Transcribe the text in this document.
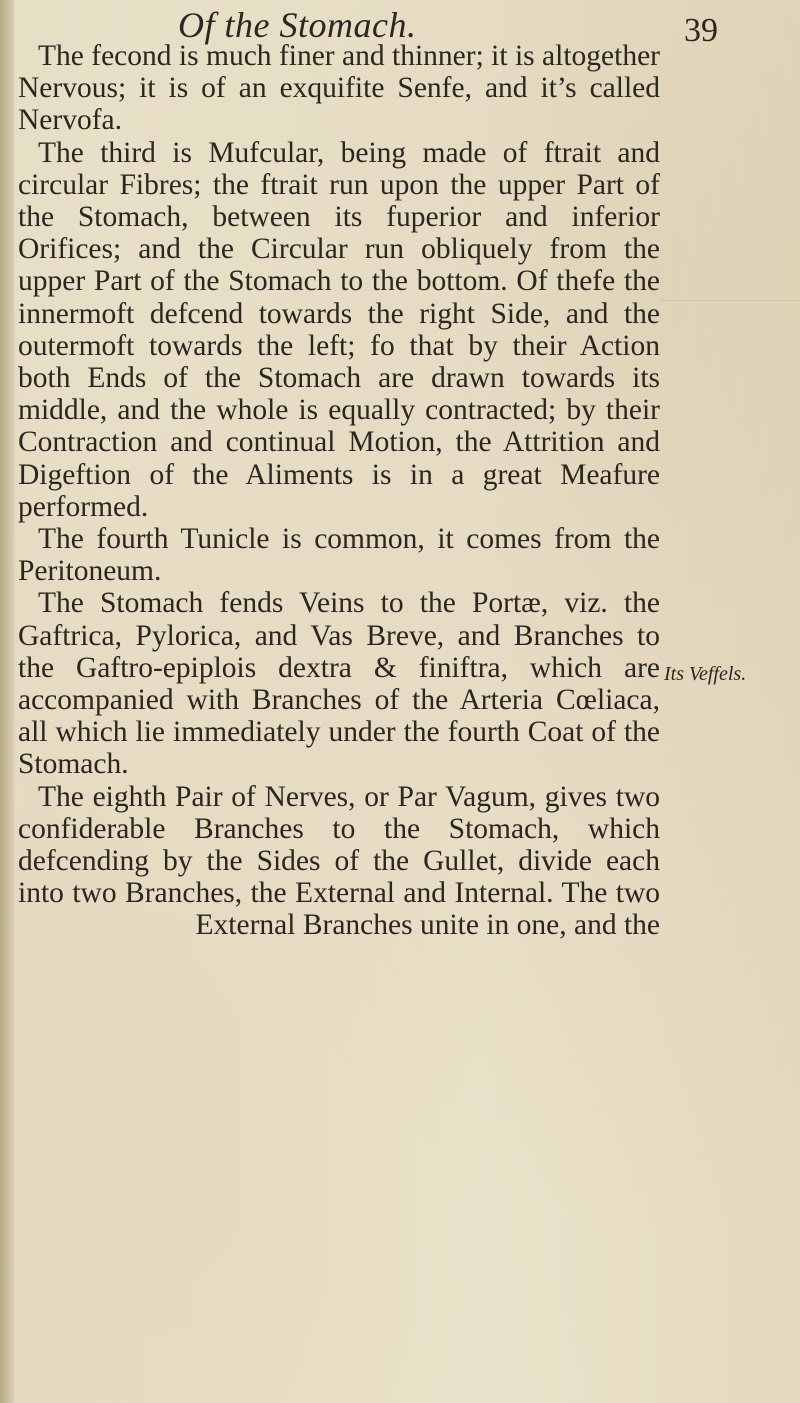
Of the Stomach.	39

The fecond is much finer and thinner; it is altogether Nervous; it is of an exquifite Senfe, and it’s called Nervofa.

The third is Mufcular, being made of ftrait and circular Fibres; the ftrait run upon the upper Part of the Stomach, between its fuperior and inferior Orifices; and the Circular run obliquely from the upper Part of the Stomach to the bottom. Of thefe the innermoft defcend towards the right Side, and the outermoft towards the left; fo that by their Action both Ends of the Stomach are drawn towards its middle, and the whole is equally contracted; by their Contraction and continual Motion, the Attrition and Digeftion of the Aliments is in a great Meafure performed.

The fourth Tunicle is common, it comes from the Peritoneum.

The Stomach fends Veins to the Portæ, viz. the Gaftrica, Pylorica, and Vas Breve, and Branches to the Gaftro-epiplois dextra & finiftra, which are accompanied with Branches of the Arteria Cœliaca, all which lie immediately under the fourth Coat of the Stomach.

The eighth Pair of Nerves, or Par Vagum, gives two confiderable Branches to the Stomach, which defcending by the Sides of the Gullet, divide each into two Branches, the External and Internal. The two External Branches unite in one, and the

Its Veffels.
